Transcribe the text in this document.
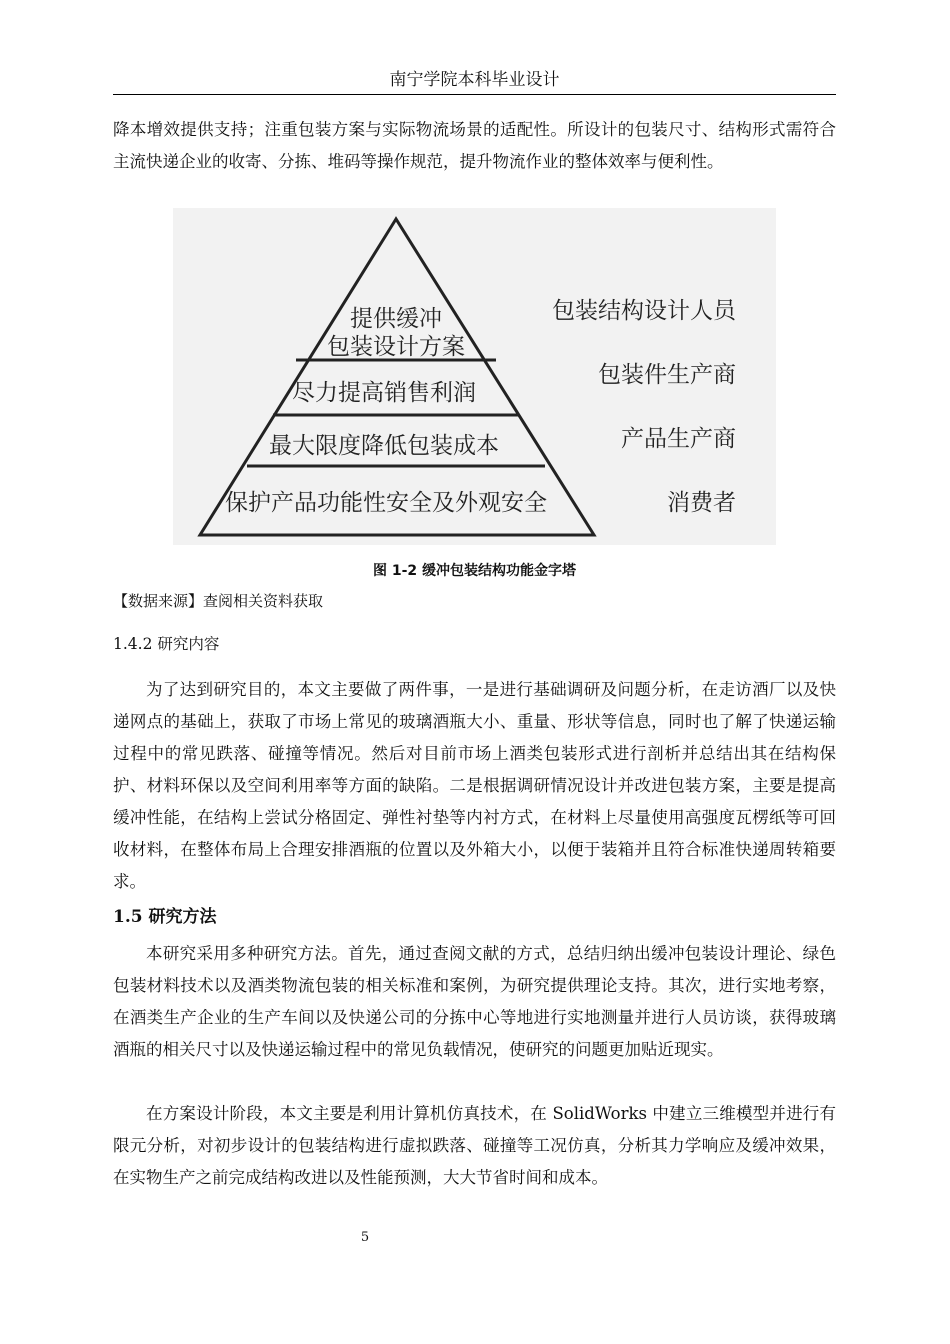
南宁学院本科毕业设计

降本增效提供支持；注重包装方案与实际物流场景的适配性。所设计的包装尺寸、结构形式需符合主流快递企业的收寄、分拣、堆码等操作规范，提升物流作业的整体效率与便利性。

提供缓冲
包装设计方案
尽力提高销售利润
最大限度降低包装成本
保护产品功能性安全及外观安全
包装结构设计人员
包装件生产商
产品生产商
消费者
图 1-2 缓冲包装结构功能金字塔
【数据来源】查阅相关资料获取
1.4.2 研究内容

为了达到研究目的，本文主要做了两件事，一是进行基础调研及问题分析，在走访酒厂以及快递网点的基础上，获取了市场上常见的玻璃酒瓶大小、重量、形状等信息，同时也了解了快递运输过程中的常见跌落、碰撞等情况。然后对目前市场上酒类包装形式进行剖析并总结出其在结构保护、材料环保以及空间利用率等方面的缺陷。二是根据调研情况设计并改进包装方案，主要是提高缓冲性能，在结构上尝试分格固定、弹性衬垫等内衬方式，在材料上尽量使用高强度瓦楞纸等可回收材料，在整体布局上合理安排酒瓶的位置以及外箱大小，以便于装箱并且符合标准快递周转箱要求。

1.5 研究方法

本研究采用多种研究方法。首先，通过查阅文献的方式，总结归纳出缓冲包装设计理论、绿色包装材料技术以及酒类物流包装的相关标准和案例，为研究提供理论支持。其次，进行实地考察，在酒类生产企业的生产车间以及快递公司的分拣中心等地进行实地测量并进行人员访谈，获得玻璃酒瓶的相关尺寸以及快递运输过程中的常见负载情况，使研究的问题更加贴近现实。

在方案设计阶段，本文主要是利用计算机仿真技术，在 SolidWorks 中建立三维模型并进行有限元分析，对初步设计的包装结构进行虚拟跌落、碰撞等工况仿真，分析其力学响应及缓冲效果，在实物生产之前完成结构改进以及性能预测，大大节省时间和成本。

5
